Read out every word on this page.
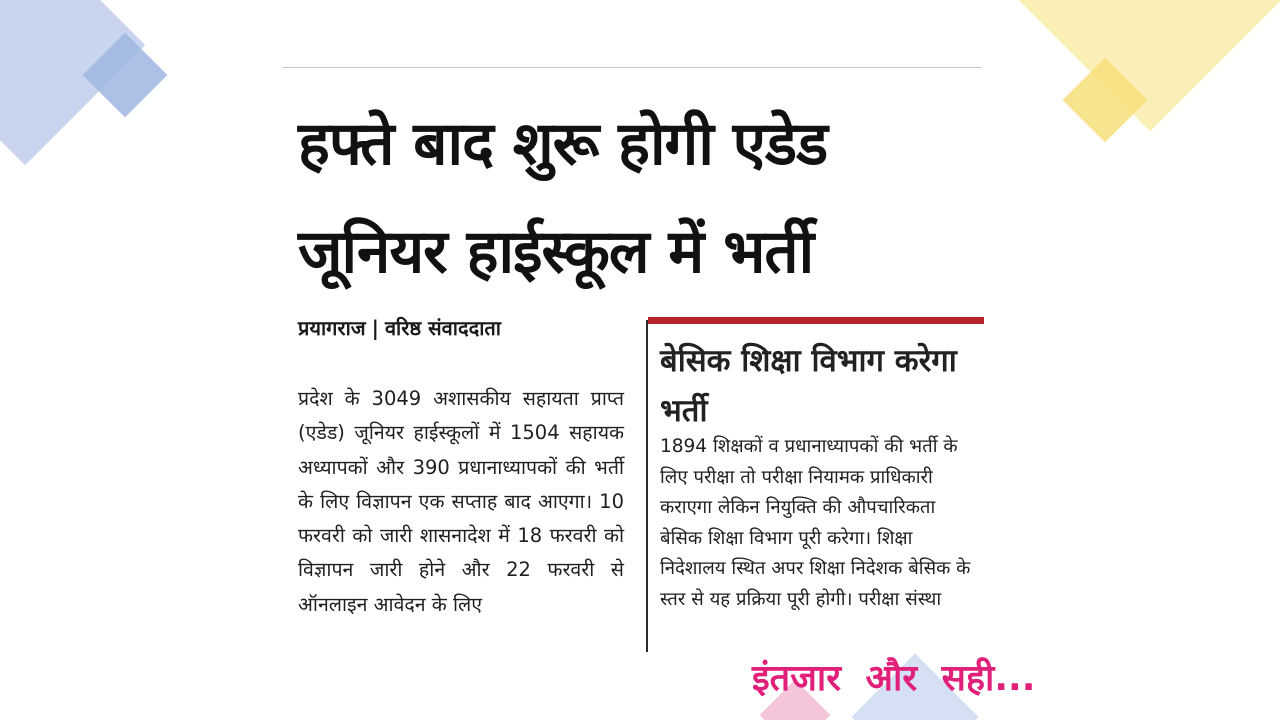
हफ्ते बाद शुरू होगी एडेड
जूनियर हाईस्कूल में भर्ती
प्रयागराज | वरिष्ठ संवाददाता
प्रदेश के 3049 अशासकीय सहायता प्राप्त (एडेड) जूनियर हाईस्कूलों में 1504 सहायक अध्यापकों और 390 प्रधानाध्यापकों की भर्ती के लिए विज्ञापन एक सप्ताह बाद आएगा। 10 फरवरी को जारी शासनादेश में 18 फरवरी को विज्ञापन जारी होने और 22 फरवरी से ऑनलाइन आवेदन के लिए
बेसिक शिक्षा विभाग करेगा भर्ती
1894 शिक्षकों व प्रधानाध्यापकों की भर्ती के लिए परीक्षा तो परीक्षा नियामक प्राधिकारी कराएगा लेकिन नियुक्ति की औपचारिकता बेसिक शिक्षा विभाग पूरी करेगा। शिक्षा निदेशालय स्थित अपर शिक्षा निदेशक बेसिक के स्तर से यह प्रक्रिया पूरी होगी। परीक्षा संस्था
इंतजार और सही...
